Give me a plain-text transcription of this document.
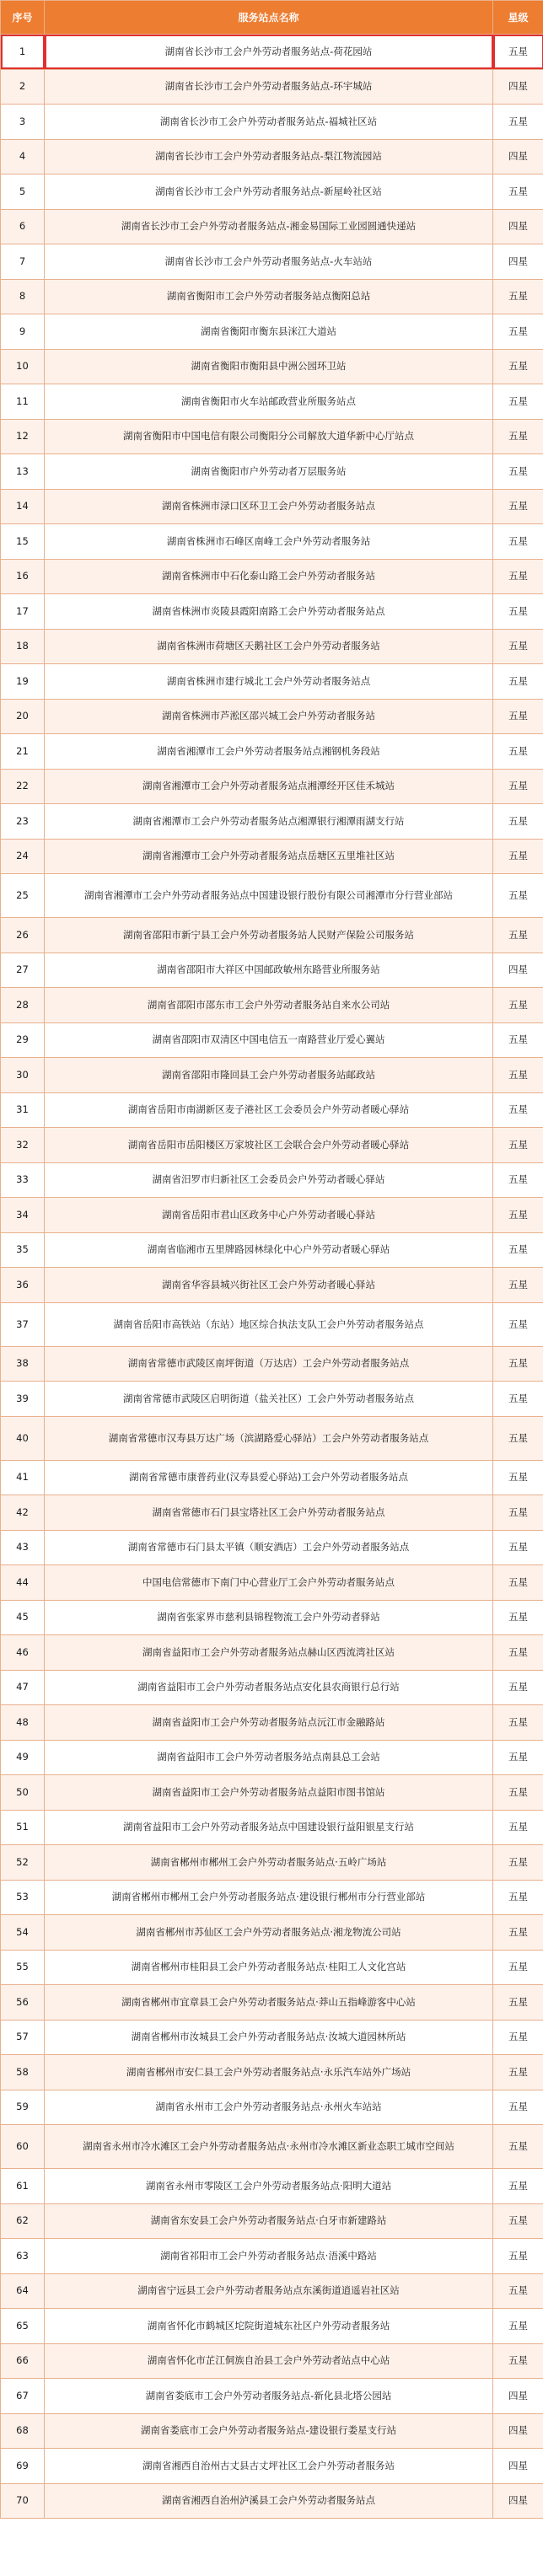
序号	服务站点名称	星级
1	湖南省长沙市工会户外劳动者服务站点-荷花园站	五星
2	湖南省长沙市工会户外劳动者服务站点-环宇城站	四星
3	湖南省长沙市工会户外劳动者服务站点-福城社区站	五星
4	湖南省长沙市工会户外劳动者服务站点-梨江物流园站	四星
5	湖南省长沙市工会户外劳动者服务站点-新屋岭社区站	五星
6	湖南省长沙市工会户外劳动者服务站点-湘金易国际工业园圆通快递站	四星
7	湖南省长沙市工会户外劳动者服务站点-火车站站	四星
8	湖南省衡阳市工会户外劳动者服务站点衡阳总站	五星
9	湖南省衡阳市衡东县洣江大道站	五星
10	湖南省衡阳市衡阳县中洲公园环卫站	五星
11	湖南省衡阳市火车站邮政营业所服务站点	五星
12	湖南省衡阳市中国电信有限公司衡阳分公司解放大道华新中心厅站点	五星
13	湖南省衡阳市户外劳动者万层服务站	五星
14	湖南省株洲市渌口区环卫工会户外劳动者服务站点	五星
15	湖南省株洲市石峰区南峰工会户外劳动者服务站	五星
16	湖南省株洲市中石化泰山路工会户外劳动者服务站	五星
17	湖南省株洲市炎陵县霞阳南路工会户外劳动者服务站点	五星
18	湖南省株洲市荷塘区天鹅社区工会户外劳动者服务站	五星
19	湖南省株洲市建行城北工会户外劳动者服务站点	五星
20	湖南省株洲市芦淞区邵兴城工会户外劳动者服务站	五星
21	湖南省湘潭市工会户外劳动者服务站点湘钢机务段站	五星
22	湖南省湘潭市工会户外劳动者服务站点湘潭经开区佳禾城站	五星
23	湖南省湘潭市工会户外劳动者服务站点湘潭银行湘潭雨湖支行站	五星
24	湖南省湘潭市工会户外劳动者服务站点岳塘区五里堆社区站	五星
25	湖南省湘潭市工会户外劳动者服务站点中国建设银行股份有限公司湘潭市分行营业部站	五星
26	湖南省邵阳市新宁县工会户外劳动者服务站人民财产保险公司服务站	五星
27	湖南省邵阳市大祥区中国邮政敏州东路营业所服务站	四星
28	湖南省邵阳市邵东市工会户外劳动者服务站自来水公司站	五星
29	湖南省邵阳市双清区中国电信五一南路营业厅爱心翼站	五星
30	湖南省邵阳市隆回县工会户外劳动者服务站邮政站	五星
31	湖南省岳阳市南湖新区麦子港社区工会委员会户外劳动者暖心驿站	五星
32	湖南省岳阳市岳阳楼区万家坡社区工会联合会户外劳动者暖心驿站	五星
33	湖南省汨罗市归新社区工会委员会户外劳动者暖心驿站	五星
34	湖南省岳阳市君山区政务中心户外劳动者暖心驿站	五星
35	湖南省临湘市五里牌路园林绿化中心户外劳动者暖心驿站	五星
36	湖南省华容县城兴街社区工会户外劳动者暖心驿站	五星
37	湖南省岳阳市高铁站（东站）地区综合执法支队工会户外劳动者服务站点	五星
38	湖南省常德市武陵区南坪街道（万达店）工会户外劳动者服务站点	五星
39	湖南省常德市武陵区启明街道（盐关社区）工会户外劳动者服务站点	五星
40	湖南省常德市汉寿县万达广场（滨湖路爱心驿站）工会户外劳动者服务站点	五星
41	湖南省常德市康普药业(汉寿县爱心驿站)工会户外劳动者服务站点	五星
42	湖南省常德市石门县宝塔社区工会户外劳动者服务站点	五星
43	湖南省常德市石门县太平镇（顺安酒店）工会户外劳动者服务站点	五星
44	中国电信常德市下南门中心营业厅工会户外劳动者服务站点	五星
45	湖南省张家界市慈利县锦程物流工会户外劳动者驿站	五星
46	湖南省益阳市工会户外劳动者服务站点赫山区西流湾社区站	五星
47	湖南省益阳市工会户外劳动者服务站点安化县农商银行总行站	五星
48	湖南省益阳市工会户外劳动者服务站点沅江市金融路站	五星
49	湖南省益阳市工会户外劳动者服务站点南县总工会站	五星
50	湖南省益阳市工会户外劳动者服务站点益阳市图书馆站	五星
51	湖南省益阳市工会户外劳动者服务站点中国建设银行益阳银星支行站	五星
52	湖南省郴州市郴州工会户外劳动者服务站点·五岭广场站	五星
53	湖南省郴州市郴州工会户外劳动者服务站点·建设银行郴州市分行营业部站	五星
54	湖南省郴州市苏仙区工会户外劳动者服务站点·湘龙物流公司站	五星
55	湖南省郴州市桂阳县工会户外劳动者服务站点·桂阳工人文化宫站	五星
56	湖南省郴州市宜章县工会户外劳动者服务站点·莽山五指峰游客中心站	五星
57	湖南省郴州市汝城县工会户外劳动者服务站点·汝城大道园林所站	五星
58	湖南省郴州市安仁县工会户外劳动者服务站点·永乐汽车站外广场站	五星
59	湖南省永州市工会户外劳动者服务站点·永州火车站站	五星
60	湖南省永州市冷水滩区工会户外劳动者服务站点·永州市冷水滩区新业态职工城市空间站	五星
61	湖南省永州市零陵区工会户外劳动者服务站点·阳明大道站	五星
62	湖南省东安县工会户外劳动者服务站点·白牙市新建路站	五星
63	湖南省祁阳市工会户外劳动者服务站点·浯溪中路站	五星
64	湖南省宁远县工会户外劳动者服务站点东溪街道逍遥岩社区站	五星
65	湖南省怀化市鹤城区坨院街道城东社区户外劳动者服务站	五星
66	湖南省怀化市芷江侗族自治县工会户外劳动者站点中心站	五星
67	湖南省娄底市工会户外劳动者服务站点-新化县北塔公园站	四星
68	湖南省娄底市工会户外劳动者服务站点-建设银行娄星支行站	四星
69	湖南省湘西自治州古丈县古丈坪社区工会户外劳动者服务站	四星
70	湖南省湘西自治州泸溪县工会户外劳动者服务站点	四星
